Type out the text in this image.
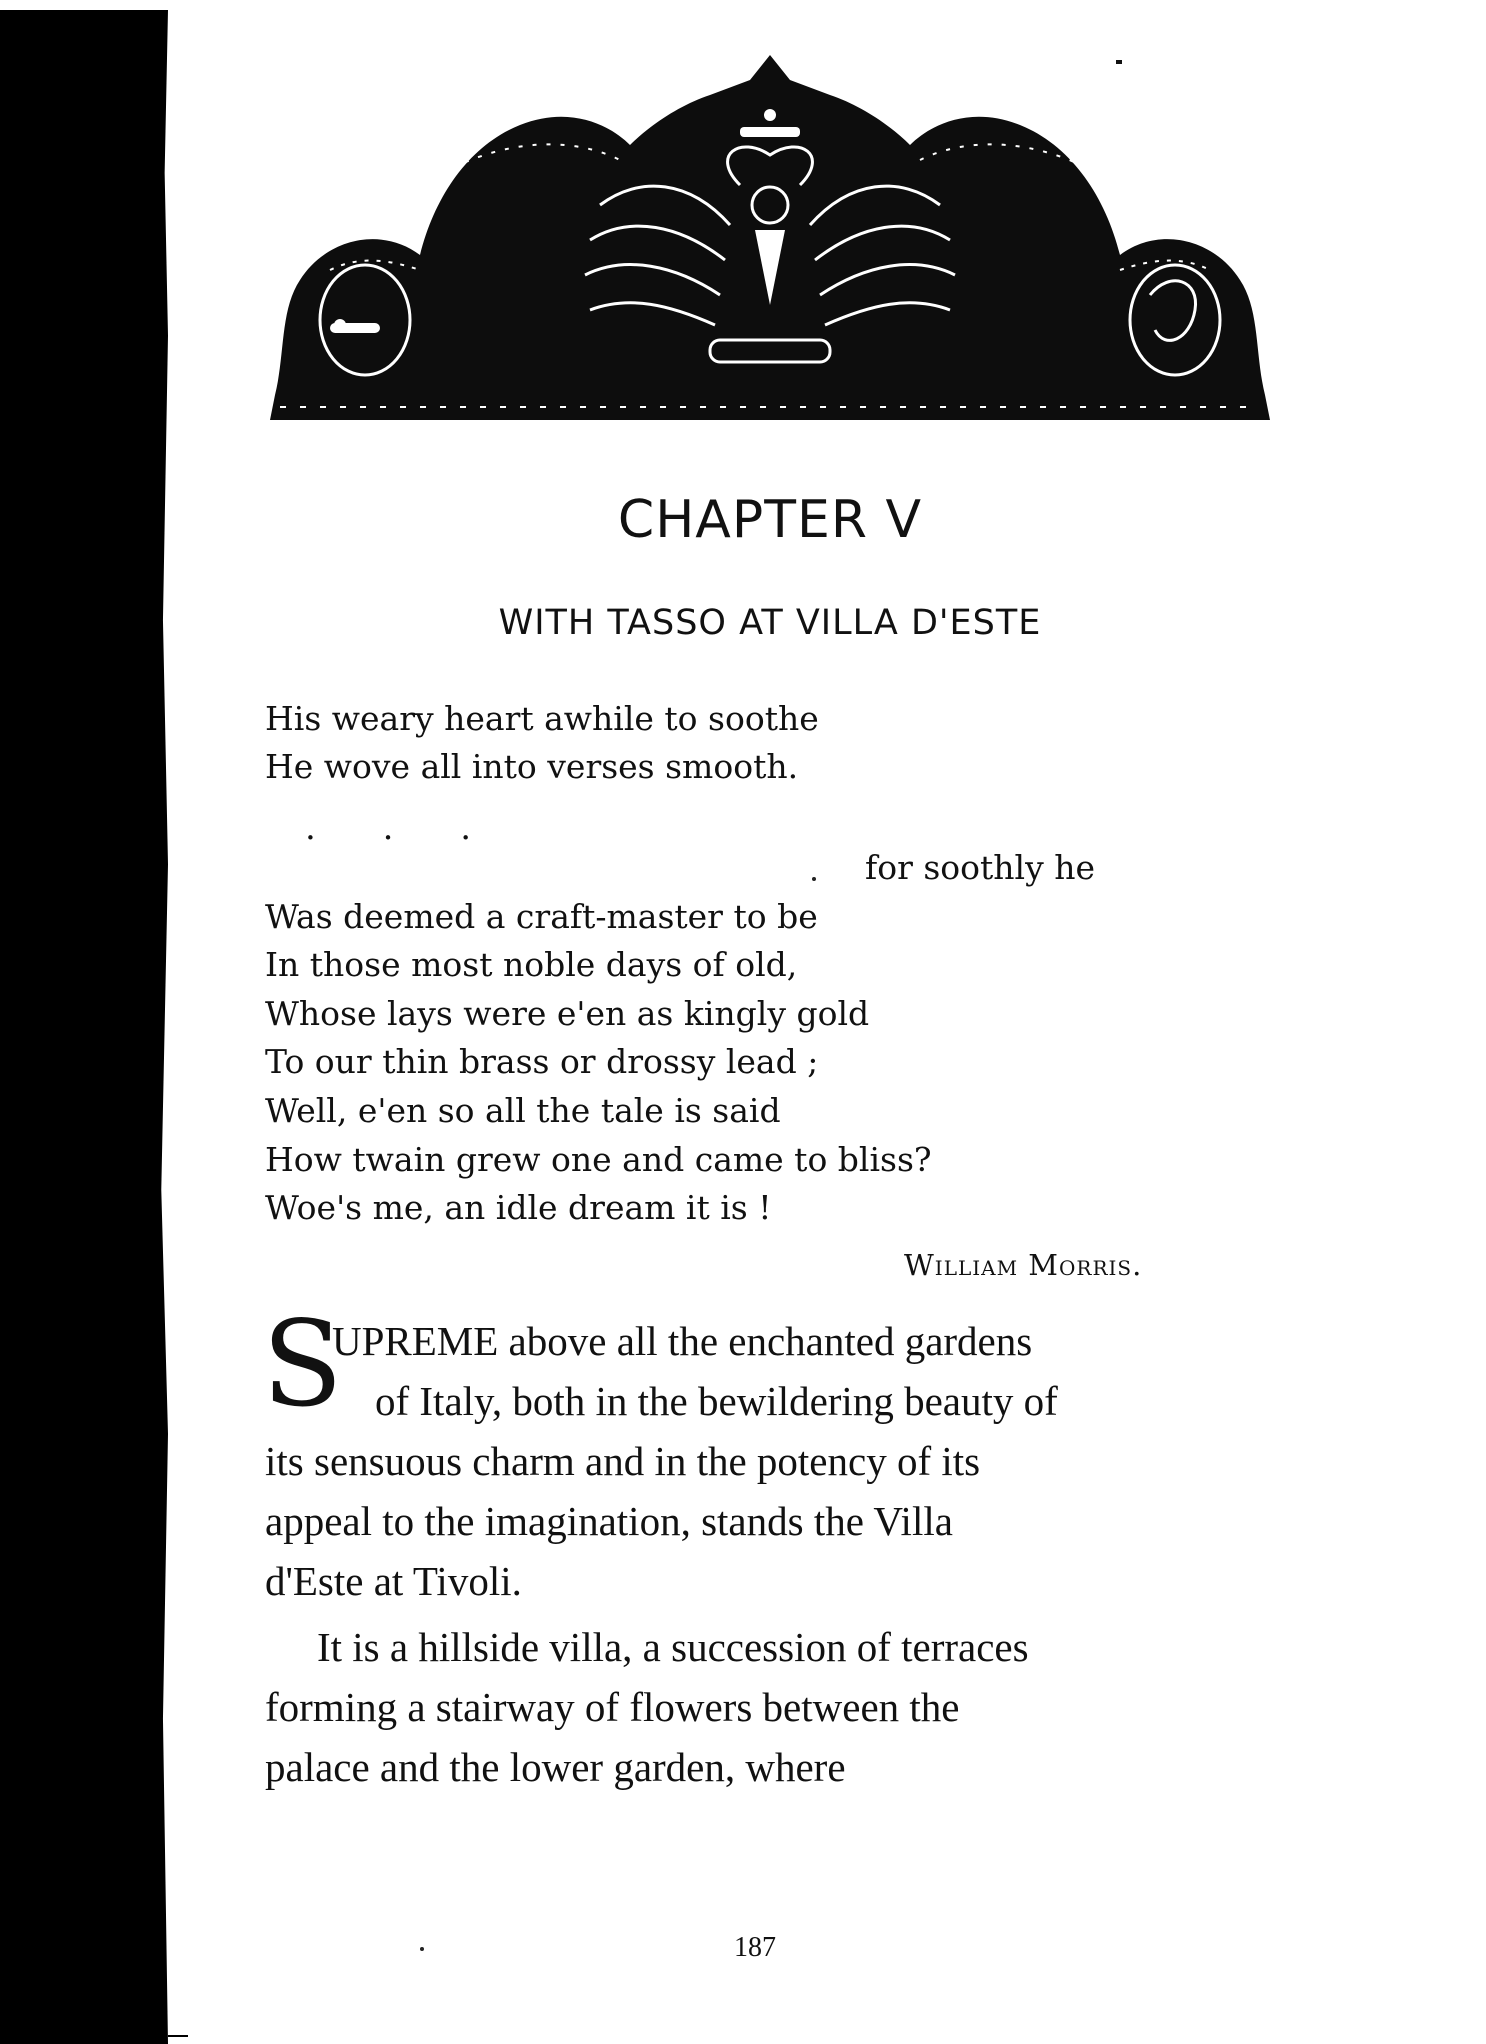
CHAPTER V
WITH TASSO AT VILLA D'ESTE
His weary heart awhile to soothe
He wove all into verses smooth.
. . .
for soothly he
Was deemed a craft-master to be
In those most noble days of old,
Whose lays were e'en as kingly gold
To our thin brass or drossy lead ;
Well, e'en so all the tale is said
How twain grew one and came to bliss?
Woe's me, an idle dream it is !
William Morris.
S
UPREME above all the enchanted gardens
of Italy, both in the bewildering beauty of
its sensuous charm and in the potency of its
appeal to the imagination, stands the Villa
d'Este at Tivoli.
It is a hillside villa, a succession of terraces
forming a stairway of flowers between the
palace and the lower garden, where
187
